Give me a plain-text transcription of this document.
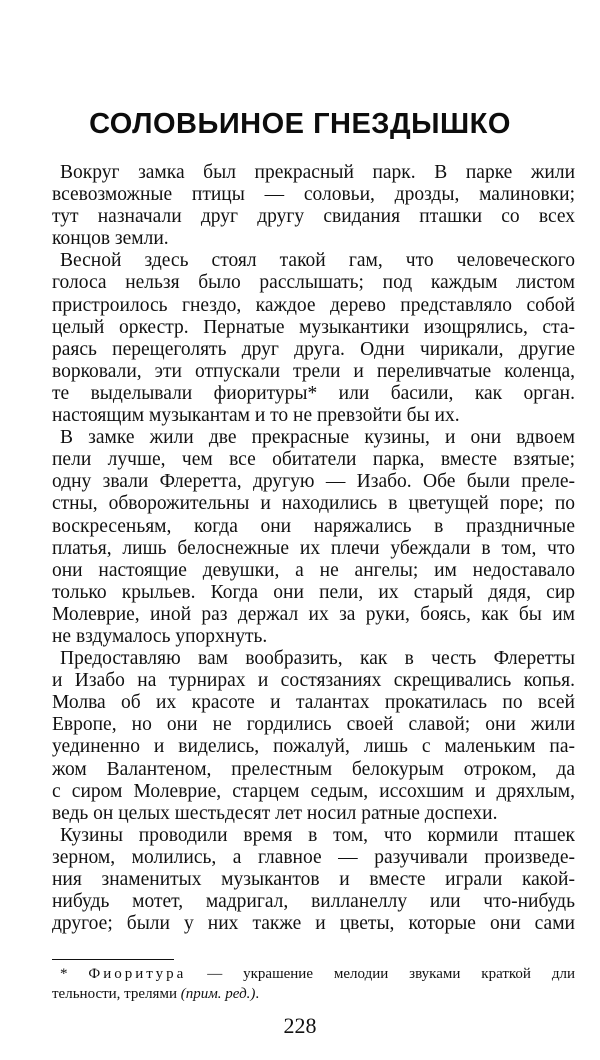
СОЛОВЬИНОЕ ГНЕЗДЫШКО
Вокруг замка был прекрасный парк. В парке жили
всевозможные птицы — соловьи, дрозды, малиновки;
тут назначали друг другу свидания пташки со всех
концов земли.
Весной здесь стоял такой гам, что человеческого
голоса нельзя было расслышать; под каждым листом
пристроилось гнездо, каждое дерево представляло собой
целый оркестр. Пернатые музыкантики изощрялись, ста-
раясь перещеголять друг друга. Одни чирикали, другие
ворковали, эти отпускали трели и переливчатые коленца,
те выделывали фиоритуры* или басили, как орган.
настоящим музыкантам и то не превзойти бы их.
В замке жили две прекрасные кузины, и они вдвоем
пели лучше, чем все обитатели парка, вместе взятые;
одну звали Флеретта, другую — Изабо. Обе были преле-
стны, обворожительны и находились в цветущей поре; по
воскресеньям, когда они наряжались в праздничные
платья, лишь белоснежные их плечи убеждали в том, что
они настоящие девушки, а не ангелы; им недоставало
только крыльев. Когда они пели, их старый дядя, сир
Молеврие, иной раз держал их за руки, боясь, как бы им
не вздумалось упорхнуть.
Предоставляю вам вообразить, как в честь Флеретты
и Изабо на турнирах и состязаниях скрещивались копья.
Молва об их красоте и талантах прокатилась по всей
Европе, но они не гордились своей славой; они жили
уединенно и виделись, пожалуй, лишь с маленьким па-
жом Валантеном, прелестным белокурым отроком, да
с сиром Молеврие, старцем седым, иссохшим и дряхлым,
ведь он целых шестьдесят лет носил ратные доспехи.
Кузины проводили время в том, что кормили пташек
зерном, молились, а главное — разучивали произведе-
ния знаменитых музыкантов и вместе играли какой-
нибудь мотет, мадригал, вилланеллу или что-нибудь
другое; были у них также и цветы, которые они сами
* Фиоритура — украшение мелодии звуками краткой дли
тельности, трелями (прим. ред.).
228
